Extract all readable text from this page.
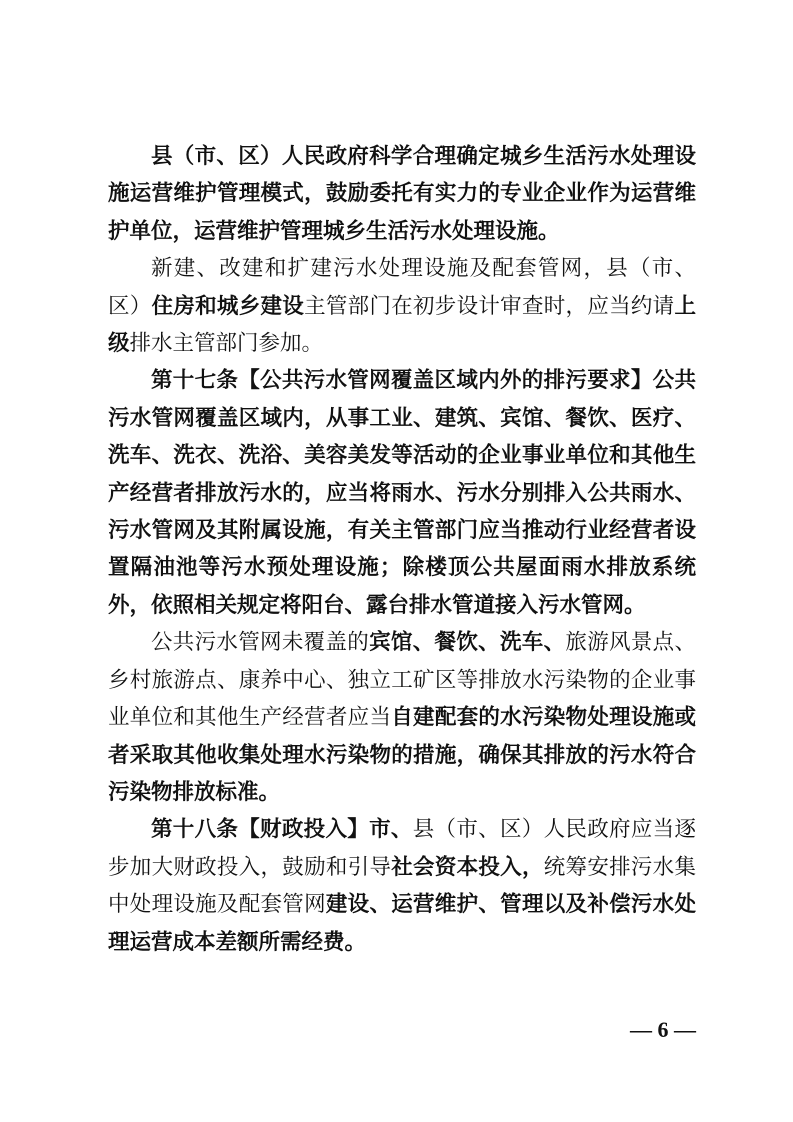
县（市、区）人民政府科学合理确定城乡生活污水处理设施运营维护管理模式，鼓励委托有实力的专业企业作为运营维护单位，运营维护管理城乡生活污水处理设施。

新建、改建和扩建污水处理设施及配套管网，县（市、区）住房和城乡建设主管部门在初步设计审查时，应当约请上级排水主管部门参加。

第十七条【公共污水管网覆盖区域内外的排污要求】公共污水管网覆盖区域内，从事工业、建筑、宾馆、餐饮、医疗、洗车、洗衣、洗浴、美容美发等活动的企业事业单位和其他生产经营者排放污水的，应当将雨水、污水分别排入公共雨水、污水管网及其附属设施，有关主管部门应当推动行业经营者设置隔油池等污水预处理设施；除楼顶公共屋面雨水排放系统外，依照相关规定将阳台、露台排水管道接入污水管网。

公共污水管网未覆盖的宾馆、餐饮、洗车、旅游风景点、乡村旅游点、康养中心、独立工矿区等排放水污染物的企业事业单位和其他生产经营者应当自建配套的水污染物处理设施或者采取其他收集处理水污染物的措施，确保其排放的污水符合污染物排放标准。

第十八条【财政投入】市、县（市、区）人民政府应当逐步加大财政投入，鼓励和引导社会资本投入，统筹安排污水集中处理设施及配套管网建设、运营维护、管理以及补偿污水处理运营成本差额所需经费。

— 6 —
